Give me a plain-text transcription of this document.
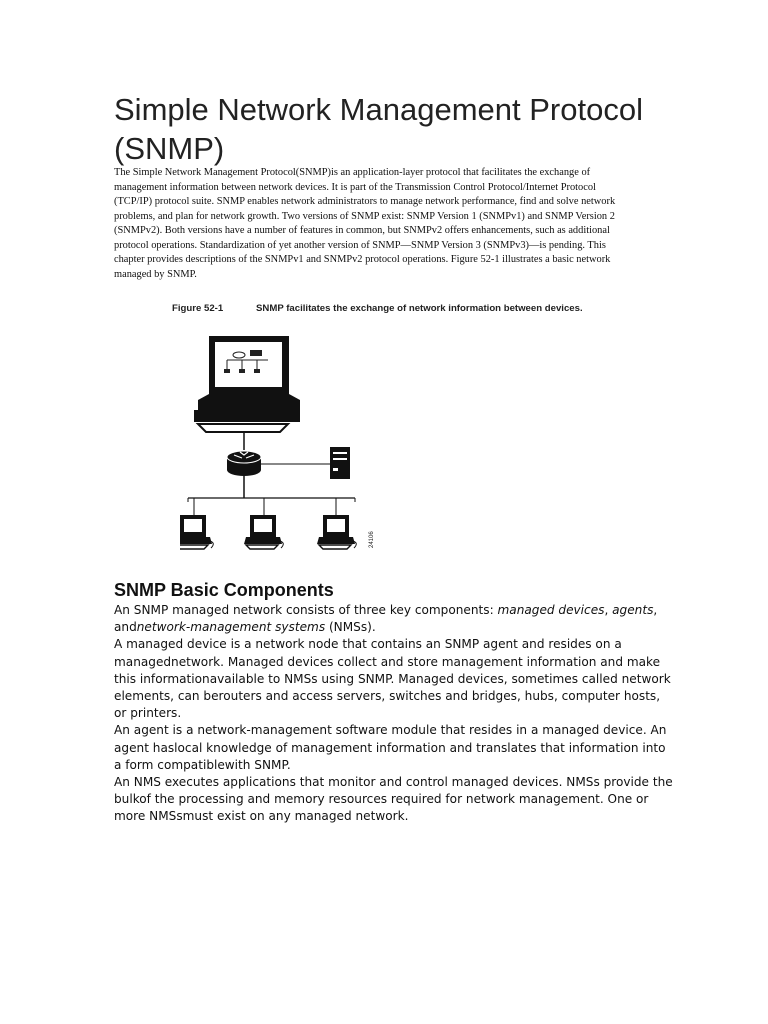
Simple Network Management Protocol (SNMP)

The Simple Network Management Protocol(SNMP)is an application-layer protocol that facilitates the exchange of management information between network devices. It is part of the Transmission Control Protocol/Internet Protocol (TCP/IP) protocol suite. SNMP enables network administrators to manage network performance, find and solve network problems, and plan for network growth. Two versions of SNMP exist: SNMP Version 1 (SNMPv1) and SNMP Version 2 (SNMPv2). Both versions have a number of features in common, but SNMPv2 offers enhancements, such as additional protocol operations. Standardization of yet another version of SNMP—SNMP Version 3 (SNMPv3)—is pending. This chapter provides descriptions of the SNMPv1 and SNMPv2 protocol operations. Figure 52-1 illustrates a basic network managed by SNMP.

Figure 52-1	SNMP facilitates the exchange of network information between devices.
24106
SNMP Basic Components

An SNMP managed network consists of three key components: managed devices, agents, andnetwork-management systems (NMSs).

A managed device is a network node that contains an SNMP agent and resides on a managednetwork. Managed devices collect and store management information and make this informationavailable to NMSs using SNMP. Managed devices, sometimes called network elements, can berouters and access servers, switches and bridges, hubs, computer hosts, or printers.

An agent is a network-management software module that resides in a managed device. An agent haslocal knowledge of management information and translates that information into a form compatiblewith SNMP.

An NMS executes applications that monitor and control managed devices. NMSs provide the bulkof the processing and memory resources required for network management. One or more NMSsmust exist on any managed network.
